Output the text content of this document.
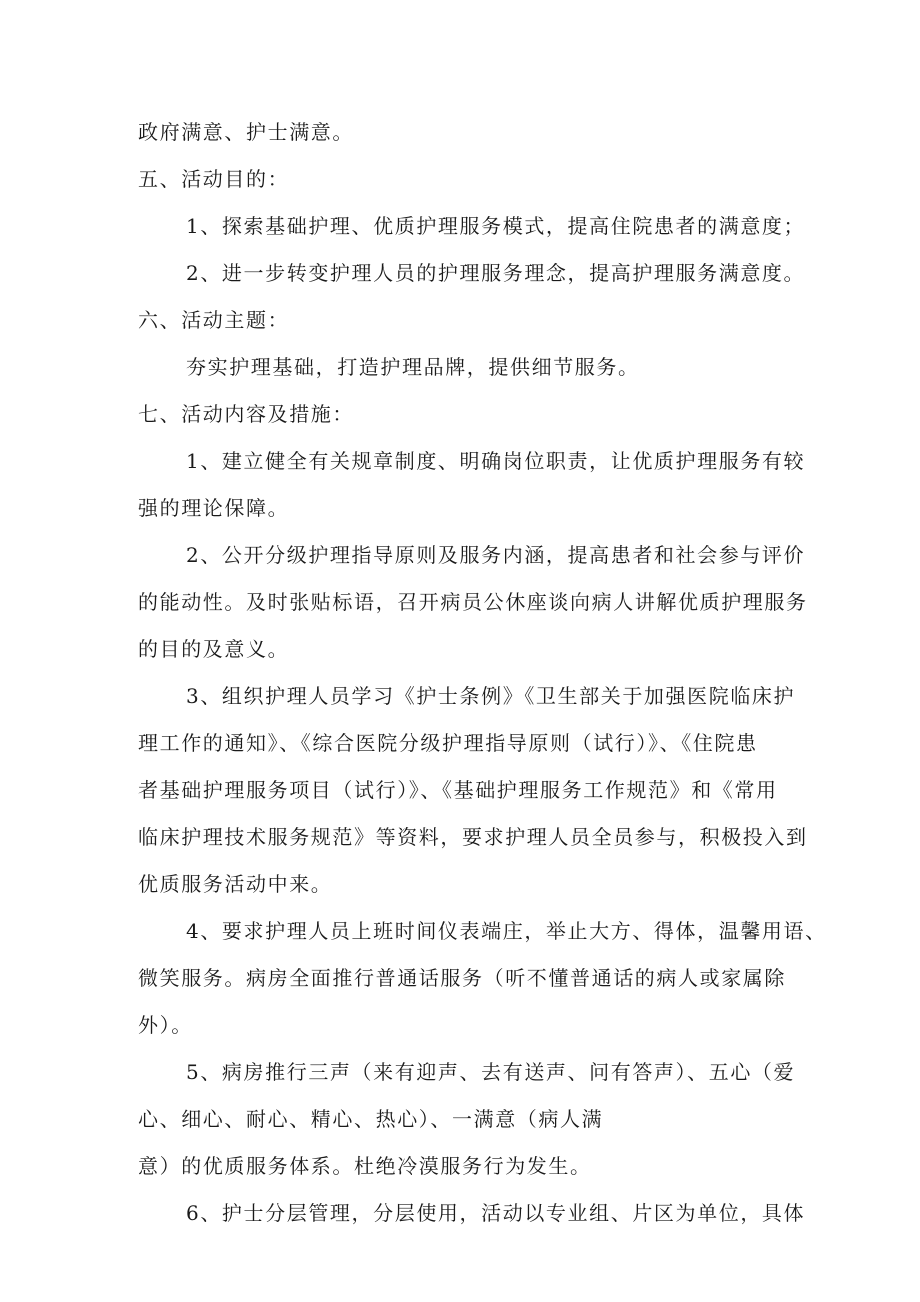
政府满意、护士满意。
五、活动目的：
1、探索基础护理、优质护理服务模式，提高住院患者的满意度；
2、进一步转变护理人员的护理服务理念，提高护理服务满意度。
六、活动主题：
夯实护理基础，打造护理品牌，提供细节服务。
七、活动内容及措施：
1、建立健全有关规章制度、明确岗位职责，让优质护理服务有较
强的理论保障。
2、公开分级护理指导原则及服务内涵，提高患者和社会参与评价
的能动性。及时张贴标语，召开病员公休座谈向病人讲解优质护理服务
的目的及意义。
3、组织护理人员学习《护士条例》《卫生部关于加强医院临床护
理工作的通知》、《综合医院分级护理指导原则（试行）》、《住院患
者基础护理服务项目（试行）》、《基础护理服务工作规范》和《常用
临床护理技术服务规范》等资料，要求护理人员全员参与，积极投入到
优质服务活动中来。
4、要求护理人员上班时间仪表端庄，举止大方、得体，温馨用语、
微笑服务。病房全面推行普通话服务（听不懂普通话的病人或家属除
外）。
5、病房推行三声（来有迎声、去有送声、问有答声）、五心（爱
心、细心、耐心、精心、热心）、一满意（病人满
意）的优质服务体系。杜绝冷漠服务行为发生。
6、护士分层管理，分层使用，活动以专业组、片区为单位，具体
